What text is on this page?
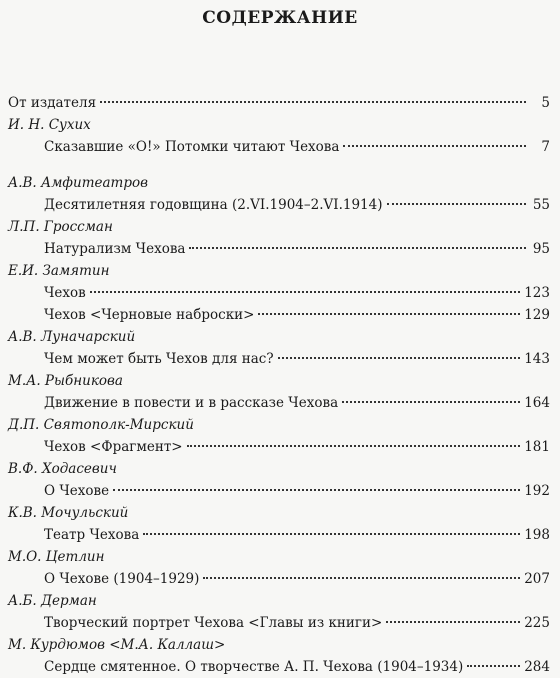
СОДЕРЖАНИЕ
От издателя	5
И. Н. Сухих
Сказавшие «О!» Потомки читают Чехова	7
А.В. Амфитеатров
Десятилетняя годовщина (2.VI.1904–2.VI.1914)	55
Л.П. Гроссман
Натурализм Чехова	95
Е.И. Замятин
Чехов	123
Чехов <Черновые наброски>	129
А.В. Луначарский
Чем может быть Чехов для нас?	143
М.А. Рыбникова
Движение в повести и в рассказе Чехова	164
Д.П. Святополк-Мирский
Чехов <Фрагмент>	181
В.Ф. Ходасевич
О Чехове	192
К.В. Мочульский
Театр Чехова	198
М.О. Цетлин
О Чехове (1904–1929)	207
А.Б. Дерман
Творческий портрет Чехова <Главы из книги>	225
М. Курдюмов <М.А. Каллаш>
Сердце смятенное. О творчестве А. П. Чехова (1904–1934)	284
